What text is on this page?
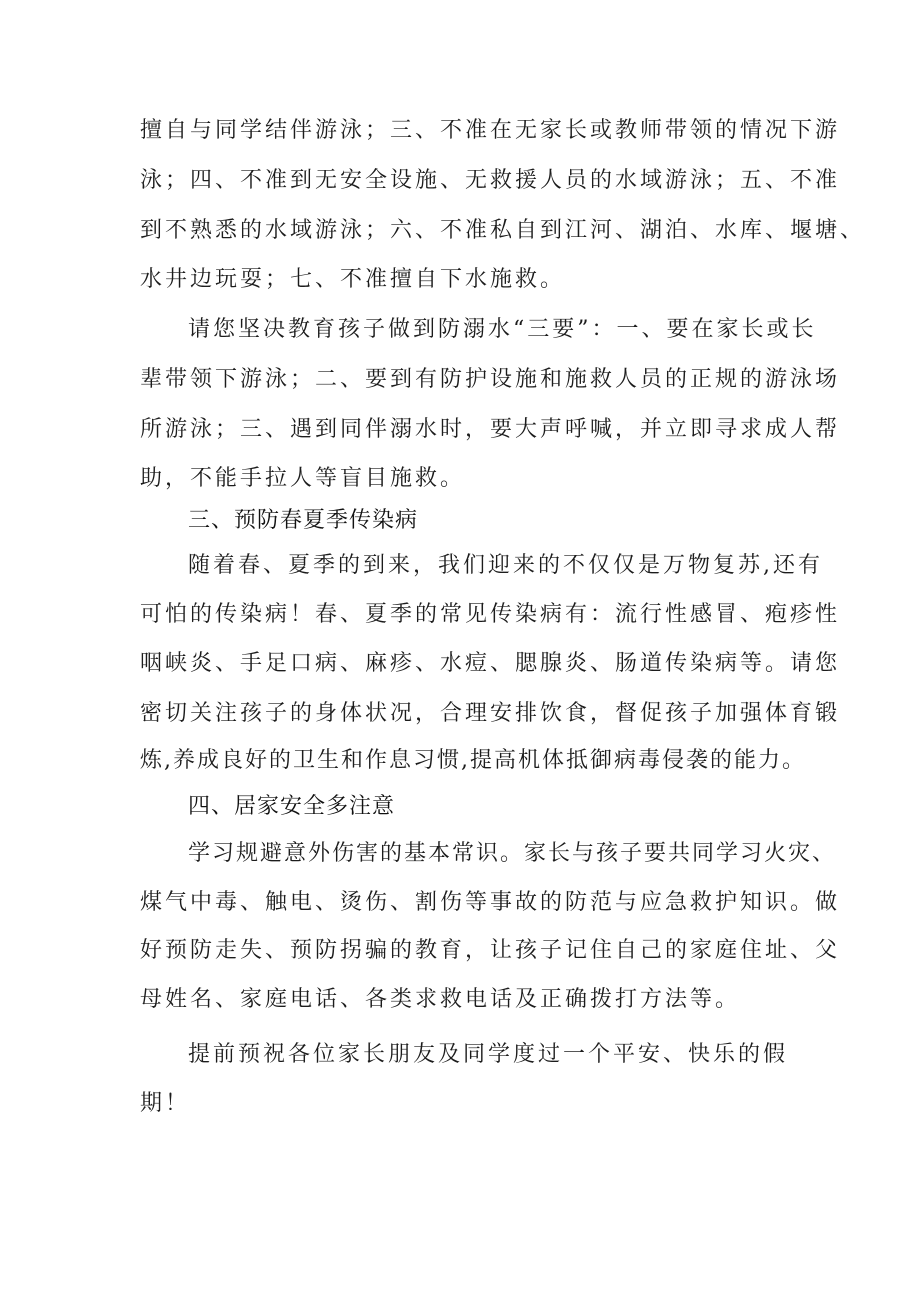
擅自与同学结伴游泳；三、不准在无家长或教师带领的情况下游
泳；四、不准到无安全设施、无救援人员的水域游泳；五、不准
到不熟悉的水域游泳；六、不准私自到江河、湖泊、水库、堰塘、
水井边玩耍；七、不准擅自下水施救。
请您坚决教育孩子做到防溺水“三要”：一、要在家长或长
辈带领下游泳；二、要到有防护设施和施救人员的正规的游泳场
所游泳；三、遇到同伴溺水时，要大声呼喊，并立即寻求成人帮
助，不能手拉人等盲目施救。
三、预防春夏季传染病
随着春、夏季的到来，我们迎来的不仅仅是万物复苏,还有
可怕的传染病！春、夏季的常见传染病有：流行性感冒、疱疹性
咽峡炎、手足口病、麻疹、水痘、腮腺炎、肠道传染病等。请您
密切关注孩子的身体状况，合理安排饮食，督促孩子加强体育锻
炼,养成良好的卫生和作息习惯,提高机体抵御病毒侵袭的能力。
四、居家安全多注意
学习规避意外伤害的基本常识。家长与孩子要共同学习火灾、
煤气中毒、触电、烫伤、割伤等事故的防范与应急救护知识。做
好预防走失、预防拐骗的教育，让孩子记住自己的家庭住址、父
母姓名、家庭电话、各类求救电话及正确拨打方法等。
提前预祝各位家长朋友及同学度过一个平安、快乐的假
期！
